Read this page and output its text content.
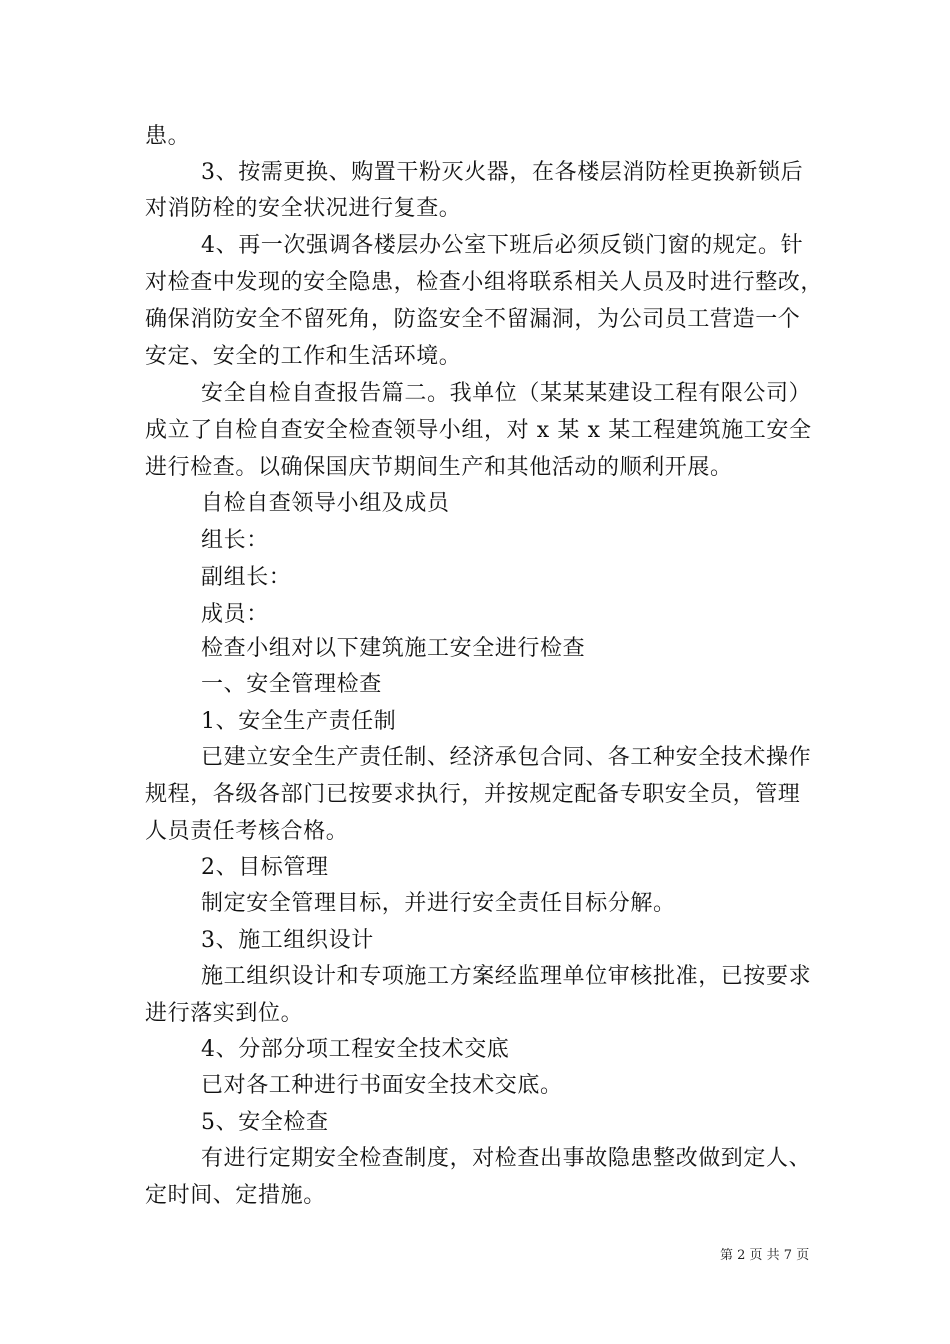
患。
3、按需更换、购置干粉灭火器，在各楼层消防栓更换新锁后
对消防栓的安全状况进行复查。
4、再一次强调各楼层办公室下班后必须反锁门窗的规定。针
对检查中发现的安全隐患，检查小组将联系相关人员及时进行整改，
确保消防安全不留死角，防盗安全不留漏洞，为公司员工营造一个
安定、安全的工作和生活环境。
安全自检自查报告篇二。我单位（某某某建设工程有限公司）
成立了自检自查安全检查领导小组，对 x 某 x 某工程建筑施工安全
进行检查。以确保国庆节期间生产和其他活动的顺利开展。
自检自查领导小组及成员
组长：
副组长：
成员：
检查小组对以下建筑施工安全进行检查
一、安全管理检查
1、安全生产责任制
已建立安全生产责任制、经济承包合同、各工种安全技术操作
规程，各级各部门已按要求执行，并按规定配备专职安全员，管理
人员责任考核合格。
2、目标管理
制定安全管理目标，并进行安全责任目标分解。
3、施工组织设计
施工组织设计和专项施工方案经监理单位审核批准，已按要求
进行落实到位。
4、分部分项工程安全技术交底
已对各工种进行书面安全技术交底。
5、安全检查
有进行定期安全检查制度，对检查出事故隐患整改做到定人、
定时间、定措施。
第 2 页 共 7 页
